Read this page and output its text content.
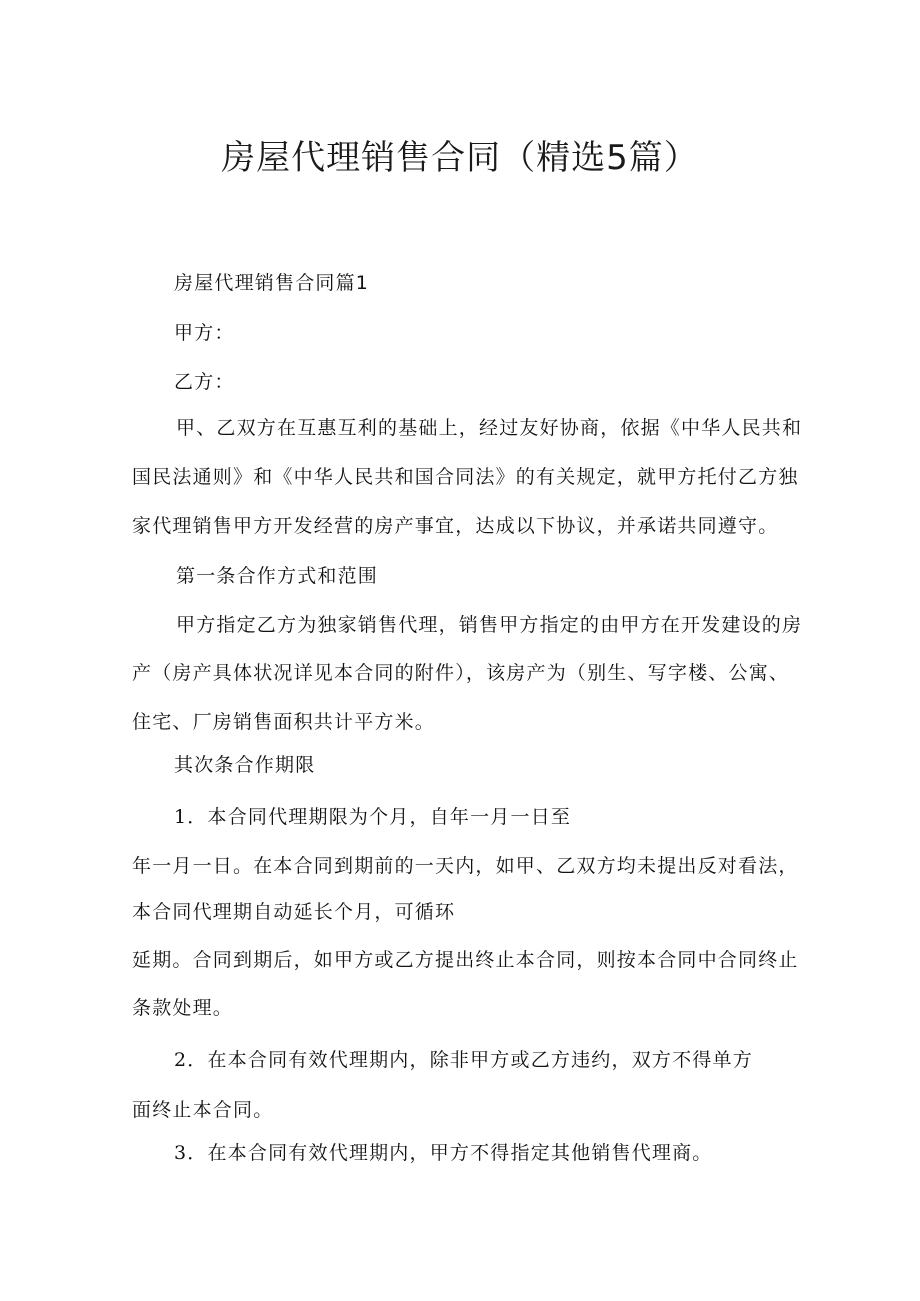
房屋代理销售合同（精选5篇）
房屋代理销售合同篇1
甲方：
乙方：
甲、乙双方在互惠互利的基础上，经过友好协商，依据《中华人民共和
国民法通则》和《中华人民共和国合同法》的有关规定，就甲方托付乙方独
家代理销售甲方开发经营的房产事宜，达成以下协议，并承诺共同遵守。
第一条合作方式和范围
甲方指定乙方为独家销售代理，销售甲方指定的由甲方在开发建设的房
产（房产具体状况详见本合同的附件），该房产为（别生、写字楼、公寓、
住宅、厂房销售面积共计平方米。
其次条合作期限
1．本合同代理期限为个月，自年一月一日至
年一月一日。在本合同到期前的一天内，如甲、乙双方均未提出反对看法，
本合同代理期自动延长个月，可循环
延期。合同到期后，如甲方或乙方提出终止本合同，则按本合同中合同终止
条款处理。
2．在本合同有效代理期内，除非甲方或乙方违约，双方不得单方
面终止本合同。
3．在本合同有效代理期内，甲方不得指定其他销售代理商。
